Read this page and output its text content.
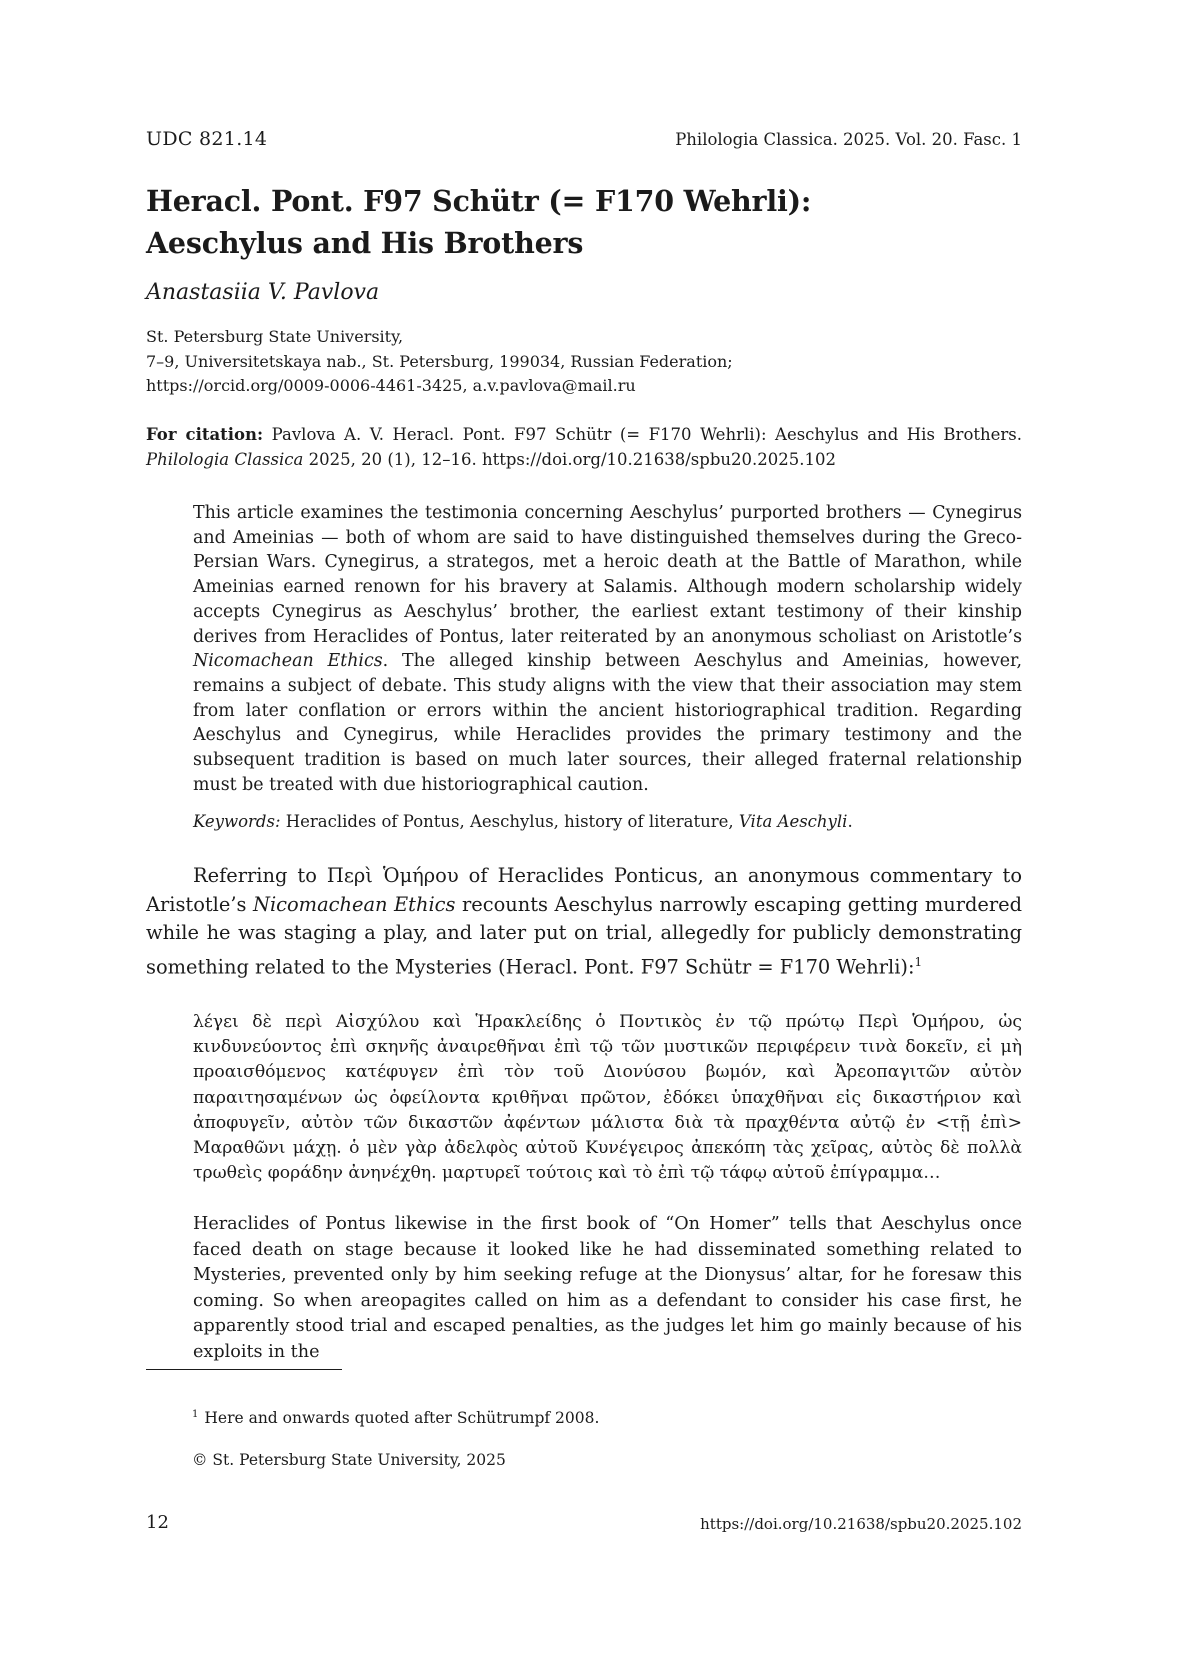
UDC 821.14	Philologia Classica. 2025. Vol. 20. Fasc. 1
Heracl. Pont. F97 Schütr (= F170 Wehrli):
Aeschylus and His Brothers
Anastasiia V. Pavlova
St. Petersburg State University,
7–9, Universitetskaya nab., St. Petersburg, 199034, Russian Federation;
https://orcid.org/0009-0006-4461-3425, a.v.pavlova@mail.ru
For citation: Pavlova A. V. Heracl. Pont. F97 Schütr (= F170 Wehrli): Aeschylus and His Brothers. Philologia Classica 2025, 20 (1), 12–16. https://doi.org/10.21638/spbu20.2025.102

This article examines the testimonia concerning Aeschylus’ purported brothers — Cynegirus and Ameinias — both of whom are said to have distinguished themselves during the Greco-Persian Wars. Cynegirus, a strategos, met a heroic death at the Battle of Marathon, while Ameinias earned renown for his bravery at Salamis. Although modern scholarship widely accepts Cynegirus as Aeschylus’ brother, the earliest extant testimony of their kinship derives from Heraclides of Pontus, later reiterated by an anonymous scholiast on Aristotle’s Nicomachean Ethics. The alleged kinship between Aeschylus and Ameinias, however, remains a subject of debate. This study aligns with the view that their association may stem from later conflation or errors within the ancient historiographical tradition. Regarding Aeschylus and Cynegirus, while Heraclides provides the primary testimony and the subsequent tradition is based on much later sources, their alleged fraternal relationship must be treated with due historiographical caution.

Keywords: Heraclides of Pontus, Aeschylus, history of literature, Vita Aeschyli.

Referring to Περὶ Ὁμήρου of Heraclides Ponticus, an anonymous commentary to Aristotle’s Nicomachean Ethics recounts Aeschylus narrowly escaping getting murdered while he was staging a play, and later put on trial, allegedly for publicly demonstrating something related to the Mysteries (Heracl. Pont. F97 Schütr = F170 Wehrli):$^1$

λέγει δὲ περὶ Αἰσχύλου καὶ Ἡρακλείδης ὁ Ποντικὸς ἐν τῷ πρώτῳ Περὶ Ὁμήρου, ὡς κινδυνεύοντος ἐπὶ σκηνῆς ἀναιρεθῆναι ἐπὶ τῷ τῶν μυστικῶν περιφέρειν τινὰ δοκεῖν, εἰ μὴ προαισθόμενος κατέφυγεν ἐπὶ τὸν τοῦ Διονύσου βωμόν, καὶ Ἀρεοπαγιτῶν αὐτὸν παραιτησαμένων ὡς ὀφείλοντα κριθῆναι πρῶτον, ἐδόκει ὑπαχθῆναι εἰς δικαστήριον καὶ ἀποφυγεῖν, αὐτὸν τῶν δικαστῶν ἀφέντων μάλιστα διὰ τὰ πραχθέντα αὐτῷ ἐν <τῇ ἐπὶ> Μαραθῶνι μάχῃ. ὁ μὲν γὰρ ἀδελφὸς αὐτοῦ Κυνέγειρος ἀπεκόπη τὰς χεῖρας, αὐτὸς δὲ πολλὰ τρωθεὶς φοράδην ἀνηνέχθη. μαρτυρεῖ τούτοις καὶ τὸ ἐπὶ τῷ τάφῳ αὐτοῦ ἐπίγραμμα…

Heraclides of Pontus likewise in the first book of “On Homer” tells that Aeschylus once faced death on stage because it looked like he had disseminated something related to Mysteries, prevented only by him seeking refuge at the Dionysus’ altar, for he foresaw this coming. So when areopagites called on him as a defendant to consider his case first, he apparently stood trial and escaped penalties, as the judges let him go mainly because of his exploits in the

$^1$ Here and onwards quoted after Schütrumpf 2008.
© St. Petersburg State University, 2025
12	https://doi.org/10.21638/spbu20.2025.102
